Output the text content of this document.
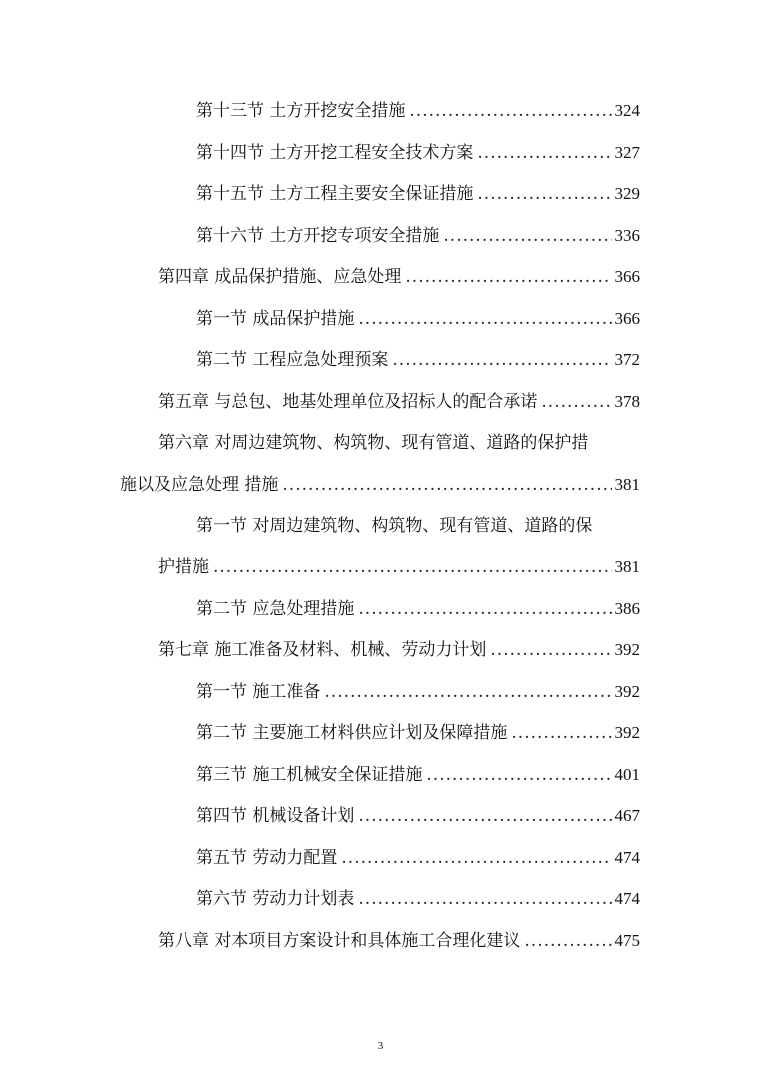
第十三节 土方开挖安全措施 .....	324
第十四节 土方开挖工程安全技术方案 .....	327
第十五节 土方工程主要安全保证措施 .....	329
第十六节 土方开挖专项安全措施 .....	336
第四章 成品保护措施、应急处理 .....	366
第一节 成品保护措施 .....	366
第二节 工程应急处理预案 .....	372
第五章 与总包、地基处理单位及招标人的配合承诺 .....	378
第六章 对周边建筑物、构筑物、现有管道、道路的保护措
施以及应急处理 措施 .....	381
第一节 对周边建筑物、构筑物、现有管道、道路的保
护措施 .....	381
第二节 应急处理措施 .....	386
第七章 施工准备及材料、机械、劳动力计划 .....	392
第一节 施工准备 .....	392
第二节 主要施工材料供应计划及保障措施 .....	392
第三节 施工机械安全保证措施 .....	401
第四节 机械设备计划 .....	467
第五节 劳动力配置 .....	474
第六节 劳动力计划表 .....	474
第八章 对本项目方案设计和具体施工合理化建议 .....	475
3
